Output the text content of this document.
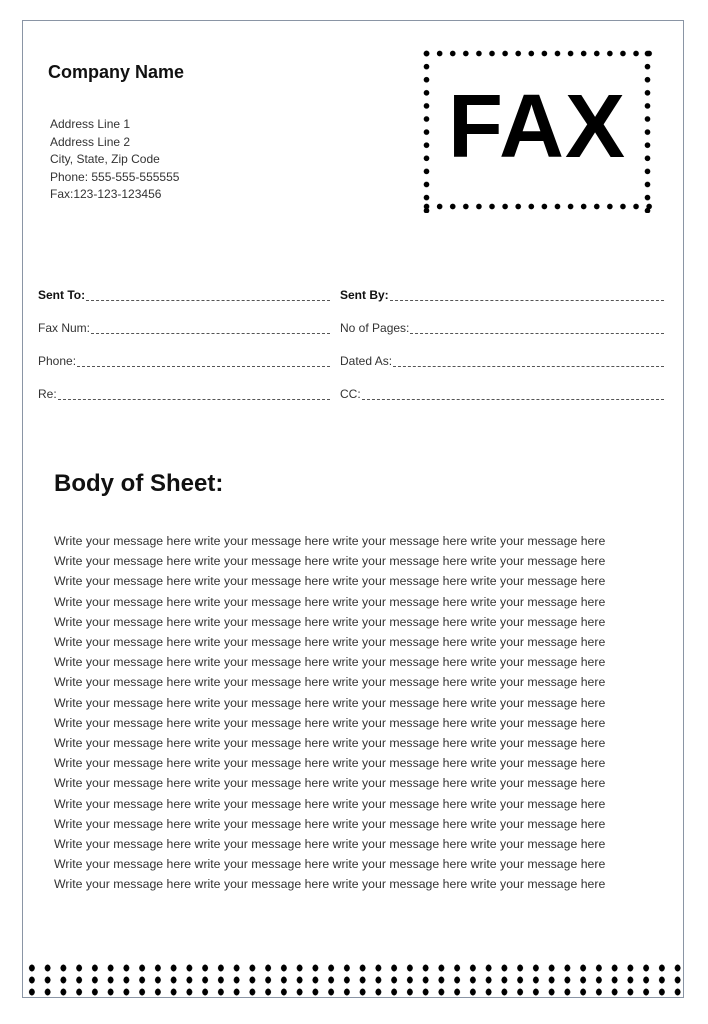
Company Name
Address Line 1
Address Line 2
City, State, Zip Code
Phone: 555-555-555555
Fax:123-123-123456
FAX
Sent To:	Sent By:
Fax Num:	No of Pages:
Phone:	Dated As:
Re:	CC:
Body of Sheet:
Write your message here write your message here write your message here write your message here
Write your message here write your message here write your message here write your message here
Write your message here write your message here write your message here write your message here
Write your message here write your message here write your message here write your message here
Write your message here write your message here write your message here write your message here
Write your message here write your message here write your message here write your message here
Write your message here write your message here write your message here write your message here
Write your message here write your message here write your message here write your message here
Write your message here write your message here write your message here write your message here
Write your message here write your message here write your message here write your message here
Write your message here write your message here write your message here write your message here
Write your message here write your message here write your message here write your message here
Write your message here write your message here write your message here write your message here
Write your message here write your message here write your message here write your message here
Write your message here write your message here write your message here write your message here
Write your message here write your message here write your message here write your message here
Write your message here write your message here write your message here write your message here
Write your message here write your message here write your message here write your message here
